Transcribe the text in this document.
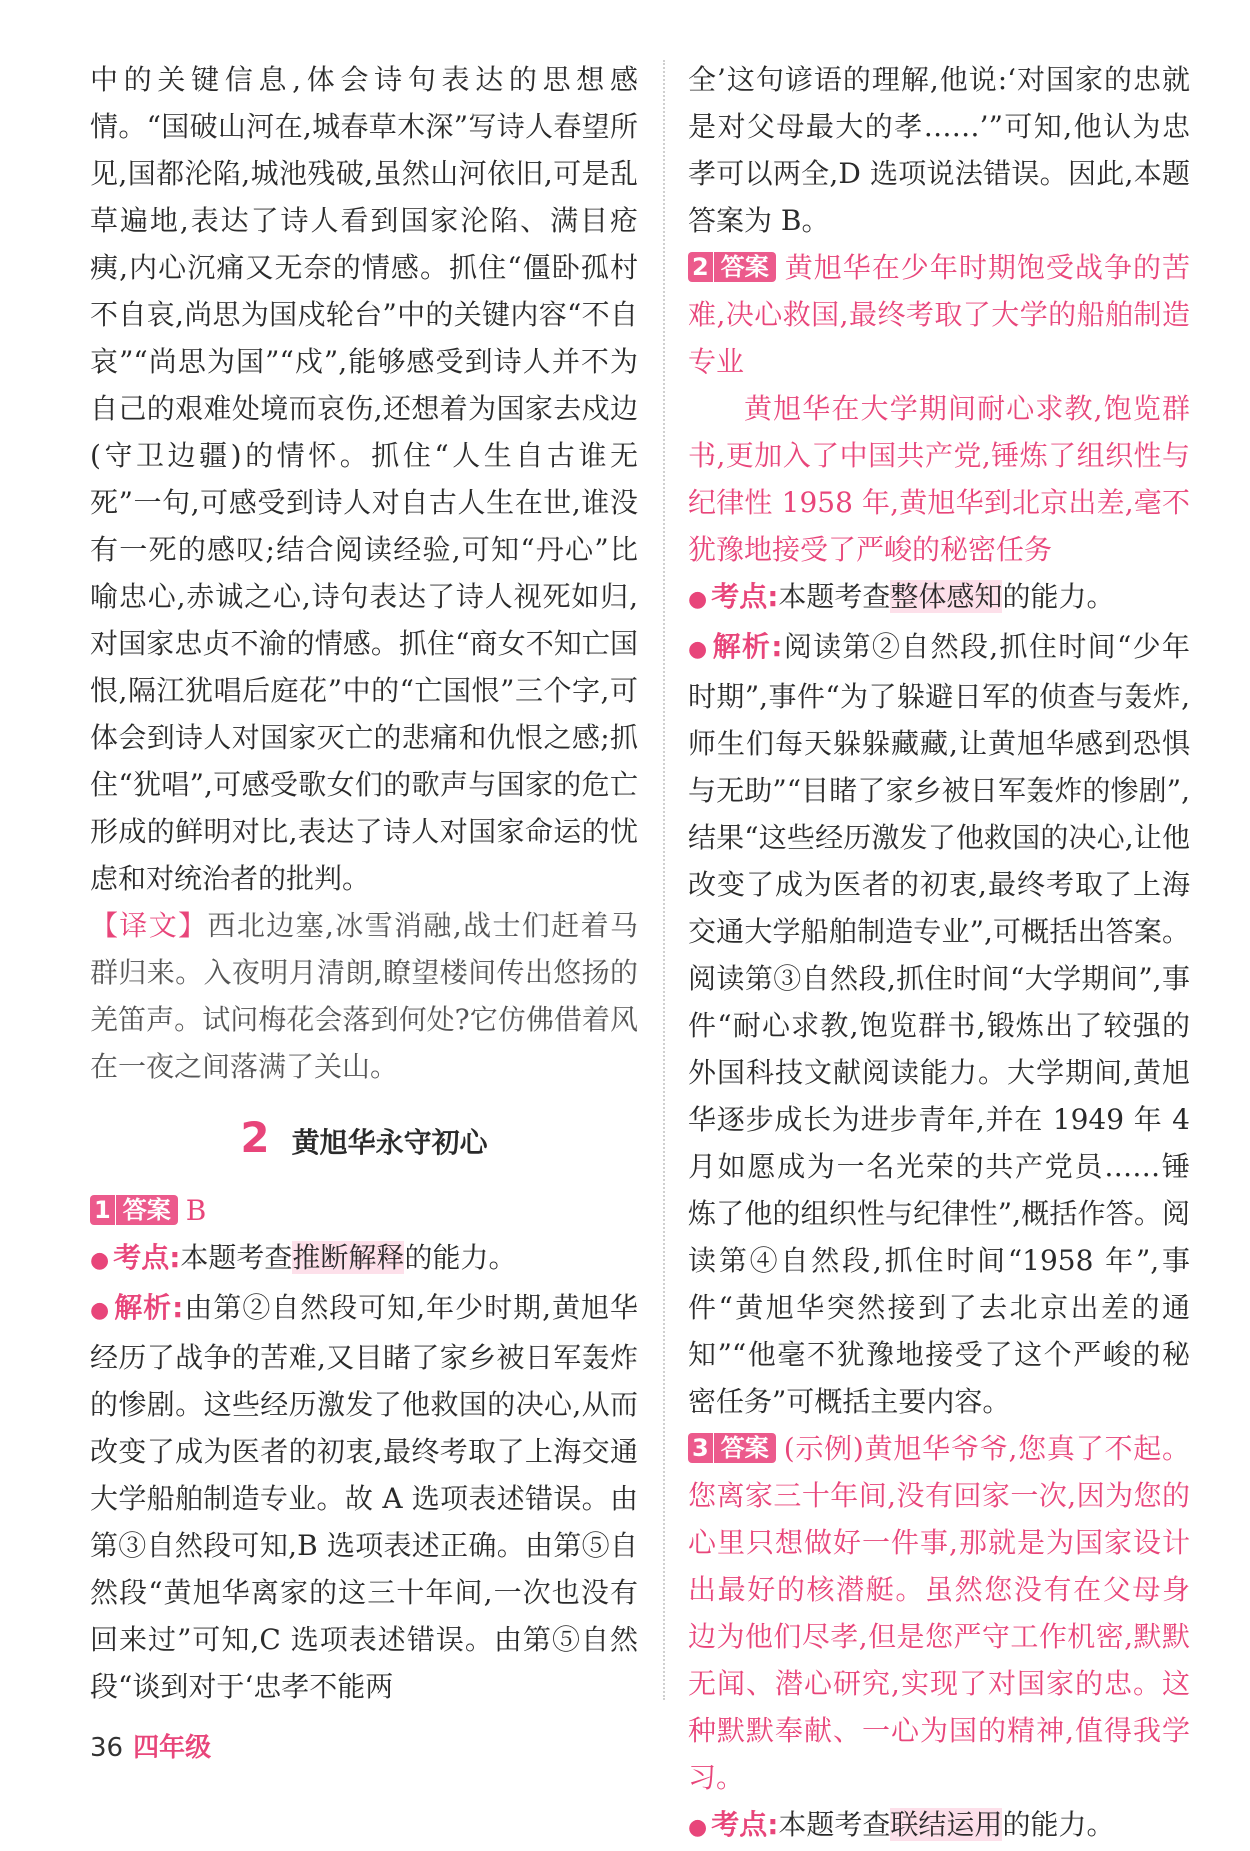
中的关键信息,体会诗句表达的思想感情。“国破山河在,城春草木深”写诗人春望所见,国都沦陷,城池残破,虽然山河依旧,可是乱草遍地,表达了诗人看到国家沦陷、满目疮痍,内心沉痛又无奈的情感。抓住“僵卧孤村不自哀,尚思为国戍轮台”中的关键内容“不自哀”“尚思为国”“戍”,能够感受到诗人并不为自己的艰难处境而哀伤,还想着为国家去戍边(守卫边疆)的情怀。抓住“人生自古谁无死”一句,可感受到诗人对自古人生在世,谁没有一死的感叹;结合阅读经验,可知“丹心”比喻忠心,赤诚之心,诗句表达了诗人视死如归,对国家忠贞不渝的情感。抓住“商女不知亡国恨,隔江犹唱后庭花”中的“亡国恨”三个字,可体会到诗人对国家灭亡的悲痛和仇恨之感;抓住“犹唱”,可感受歌女们的歌声与国家的危亡形成的鲜明对比,表达了诗人对国家命运的忧虑和对统治者的批判。

【译文】西北边塞,冰雪消融,战士们赶着马群归来。入夜明月清朗,瞭望楼间传出悠扬的羌笛声。试问梅花会落到何处?它仿佛借着风在一夜之间落满了关山。

2 黄旭华永守初心

1 答案 B

● 考点:本题考查推断解释的能力。

● 解析:由第②自然段可知,年少时期,黄旭华经历了战争的苦难,又目睹了家乡被日军轰炸的惨剧。这些经历激发了他救国的决心,从而改变了成为医者的初衷,最终考取了上海交通大学船舶制造专业。故 A 选项表述错误。由第③自然段可知,B 选项表述正确。由第⑤自然段“黄旭华离家的这三十年间,一次也没有回来过”可知,C 选项表述错误。由第⑤自然段“谈到对于‘忠孝不能两

全’这句谚语的理解,他说:‘对国家的忠就是对父母最大的孝……’”可知,他认为忠孝可以两全,D 选项说法错误。因此,本题答案为 B。

2 答案 黄旭华在少年时期饱受战争的苦难,决心救国,最终考取了大学的船舶制造专业

黄旭华在大学期间耐心求教,饱览群书,更加入了中国共产党,锤炼了组织性与纪律性 1958 年,黄旭华到北京出差,毫不犹豫地接受了严峻的秘密任务

● 考点:本题考查整体感知的能力。

● 解析:阅读第②自然段,抓住时间“少年时期”,事件“为了躲避日军的侦查与轰炸,师生们每天躲躲藏藏,让黄旭华感到恐惧与无助”“目睹了家乡被日军轰炸的惨剧”,结果“这些经历激发了他救国的决心,让他改变了成为医者的初衷,最终考取了上海交通大学船舶制造专业”,可概括出答案。阅读第③自然段,抓住时间“大学期间”,事件“耐心求教,饱览群书,锻炼出了较强的外国科技文献阅读能力。大学期间,黄旭华逐步成长为进步青年,并在 1949 年 4 月如愿成为一名光荣的共产党员……锤炼了他的组织性与纪律性”,概括作答。阅读第④自然段,抓住时间“1958 年”,事件“黄旭华突然接到了去北京出差的通知”“他毫不犹豫地接受了这个严峻的秘密任务”可概括主要内容。

3 答案 (示例)黄旭华爷爷,您真了不起。您离家三十年间,没有回家一次,因为您的心里只想做好一件事,那就是为国家设计出最好的核潜艇。虽然您没有在父母身边为他们尽孝,但是您严守工作机密,默默无闻、潜心研究,实现了对国家的忠。这种默默奉献、一心为国的精神,值得我学习。

● 考点:本题考查联结运用的能力。

36 四年级
